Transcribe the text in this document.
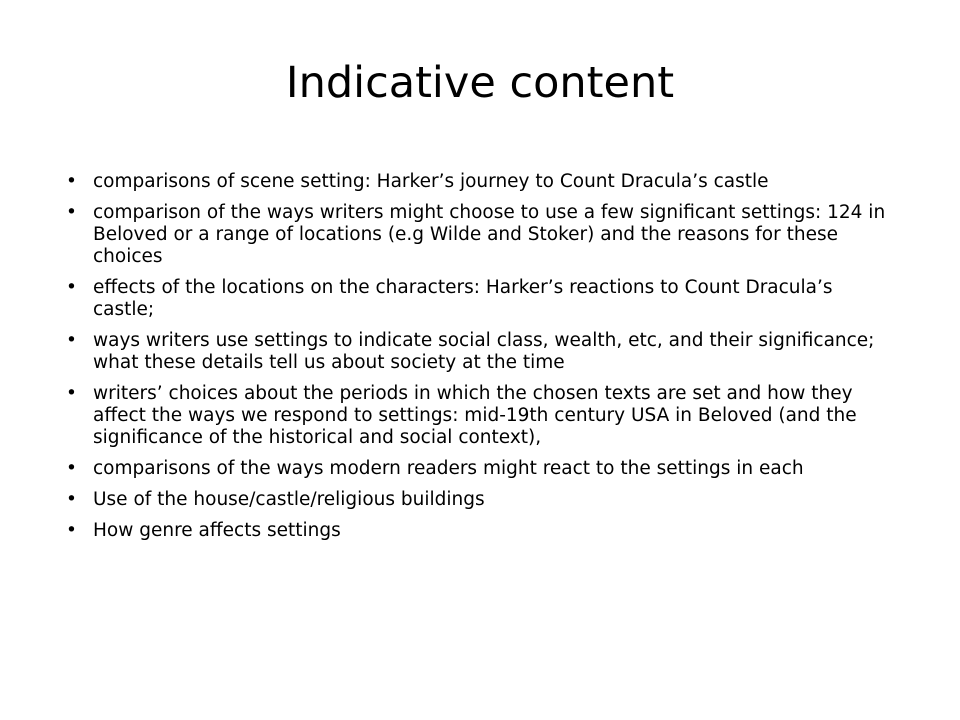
Indicative content
• comparisons of scene setting: Harker’s journey to Count Dracula’s castle
• comparison of the ways writers might choose to use a few significant settings: 124 in Beloved or a range of locations (e.g Wilde and Stoker) and the reasons for these choices
• effects of the locations on the characters: Harker’s reactions to Count Dracula’s castle;
• ways writers use settings to indicate social class, wealth, etc, and their significance; what these details tell us about society at the time
• writers’ choices about the periods in which the chosen texts are set and how they affect the ways we respond to settings: mid-19th century USA in Beloved (and the significance of the historical and social context),
• comparisons of the ways modern readers might react to the settings in each
• Use of the house/castle/religious buildings
• How genre affects settings
